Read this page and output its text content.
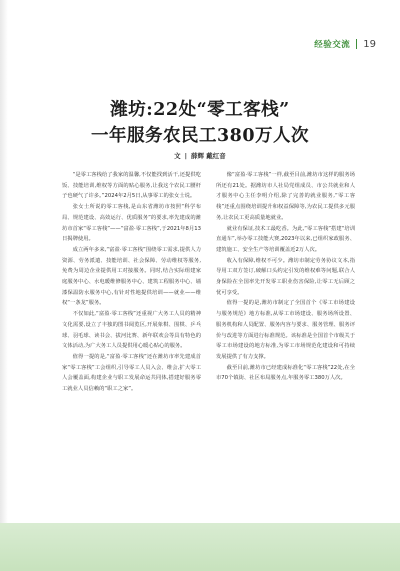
经验交流 19
潍坊:22处“零工客栈”
一年服务农民工380万人次
文 | 薛辉 戴红音

“是零工客栈给了我家的温馨,不仅能找到活干,还提供吃饭、技能培训,维权等方面的贴心服务,让我这个农民工腰杆子也硬气了许多。”2024年2月5日,从事零工的张女士说。

张女士所说的零工客栈,是山东省潍坊市按照“科学布局、规范建设、高效运行、优质服务”的要求,率先建成的潍坊市首家“零工客栈”——“富盈·零工客栈”,于2021年8月13日揭牌使用。

成立两年多来,“富盈·零工客栈”围绕零工需求,提供人力资源、劳务派遣、技能培训、社会保障、劳动维权等服务,免费为周边企业提供用工对接服务。同时,结合实际组建家庭服务中心、水电暖维修服务中心、建筑工程服务中心、墙漆保温防水服务中心,有针对性地提供培训——就业——维权“一条龙”服务。

不仅如此,“富盈·零工客栈”还重视广大务工人员的精神文化需要,设立了丰独的图书阅览区,开展象棋、围棋、乒乓球、羽毛球、读书会、拔河比赛、新年联欢会等具有特色的文体活动,为广大务工人员提供用心暖心贴心的服务。

值得一提的是,“富盈·零工客栈”还在潍坊市率先建成首家“零工客栈”工会组织,引导零工人员入会、维会,扩大零工人会覆盖面,构建企业与职工发展命运共同体,搭建好服务零工就业人员信赖的“职工之家”。

像“富盈·零工客栈”一样,截至目前,潍坊市这样的服务场所还有21处。据潍坊市人社局党组成员、市公共就业和人才服务中心主任李明介绍,除了完善的就业服务,“零工客栈”还重点围绕培训提升和权益保障等,为农民工提供多元服务,让农民工更高质量地就业。

就业有保证,技术工最吃香。为此,“零工客栈”搭建“培训直通车”,举办零工技能大赛,2023年以来,已组织家政服务、建筑施工、安全生产等培训覆盖近2万人次。

收入有保障,维权不可少。潍坊市制定劳务协议文本,指导用工双方签订,破解口头约定引发的维权难等问题,联合人身保险在全国率先开发零工职业伤害保险,让零工无后顾之忧可享受。

值得一提的是,潍坊市制定了全国首个《零工市场建设与服务规范》地方标准,从零工市场建设、服务场所设置、服务机构和人员配置、服务内容与要求、服务管理、服务评价与改进等方面进行标准规范。该标准是全国首个市级关于零工市场建设的地方标准,为零工市场规范化建设和可持续发展提供了有力支撑。

截至目前,潍坊市已经建成标准化“零工客栈”22处,在全市70个镇街、社区布局服务点,年服务零工380万人次。
